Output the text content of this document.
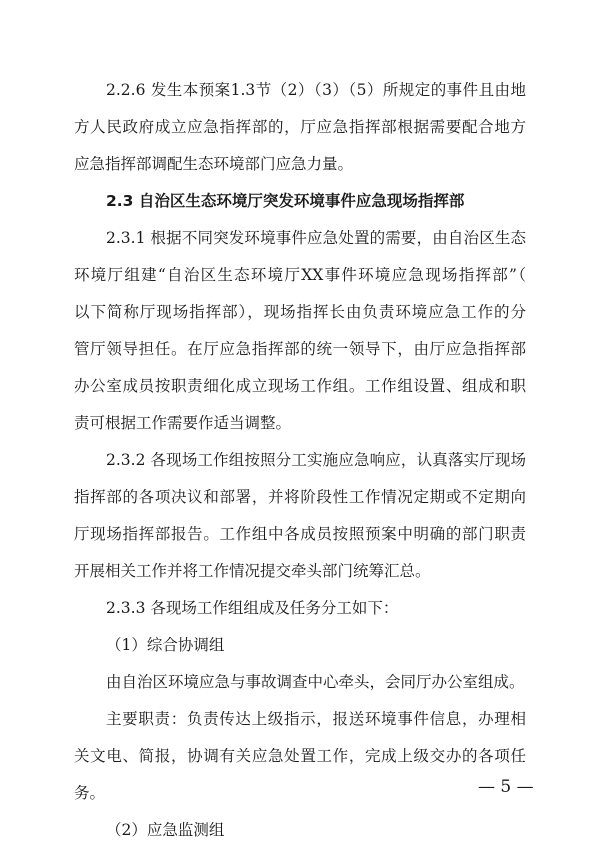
2.2.6 发生本预案1.3节（2）（3）（5）所规定的事件且由地
方人民政府成立应急指挥部的，厅应急指挥部根据需要配合地方
应急指挥部调配生态环境部门应急力量。

2.3 自治区生态环境厅突发环境事件应急现场指挥部

2.3.1 根据不同突发环境事件应急处置的需要，由自治区生态
环境厅组建“自治区生态环境厅XX事件环境应急现场指挥部”（
以下简称厅现场指挥部），现场指挥长由负责环境应急工作的分
管厅领导担任。在厅应急指挥部的统一领导下，由厅应急指挥部
办公室成员按职责细化成立现场工作组。工作组设置、组成和职
责可根据工作需要作适当调整。

2.3.2 各现场工作组按照分工实施应急响应，认真落实厅现场
指挥部的各项决议和部署，并将阶段性工作情况定期或不定期向
厅现场指挥部报告。工作组中各成员按照预案中明确的部门职责
开展相关工作并将工作情况提交牵头部门统筹汇总。

2.3.3 各现场工作组组成及任务分工如下：

（1）综合协调组

由自治区环境应急与事故调查中心牵头，会同厅办公室组成。

主要职责：负责传达上级指示，报送环境事件信息，办理相
关文电、简报，协调有关应急处置工作，完成上级交办的各项任
务。	— 5 —

（2）应急监测组
